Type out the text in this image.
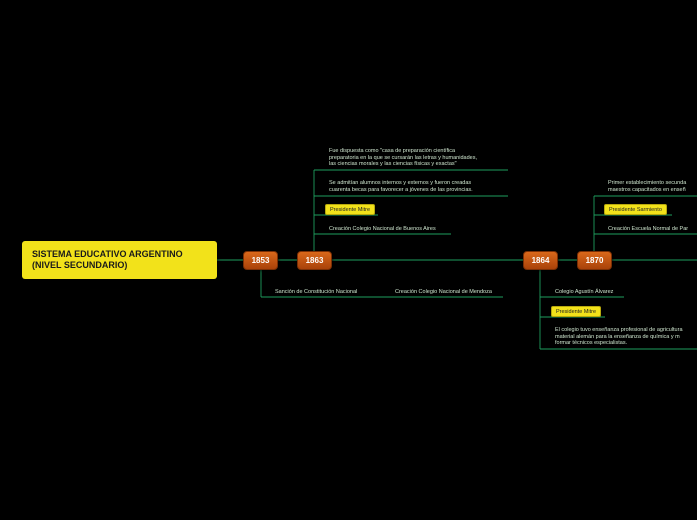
SISTEMA EDUCATIVO ARGENTINO
(NIVEL SECUNDARIO)	1853	1863	1864	1870
Fue dispuesta como "casa de preparación científica
preparatoria en la que se cursarán las letras y humanidades,
las ciencias morales y las ciencias físicas y exactas"
Se admitían alumnos internos y externos y fueron creadas
cuarenta becas para favorecer a jóvenes de las provincias.
Presidente Mitre
Creación Colegio Nacional de Buenos Aires
Sanción de Constitución Nacional	Creación Colegio Nacional de Mendoza
Primer establecimiento secunda
maestros capacitados en enseñ
Presidente Sarmiento
Creación Escuela Normal de Par
Colegio Agustín Álvarez
Presidente Mitre
El colegio tuvo enseñanza profesional de agricultura
material alemán para la enseñanza de química y m
formar técnicos especialistas.
